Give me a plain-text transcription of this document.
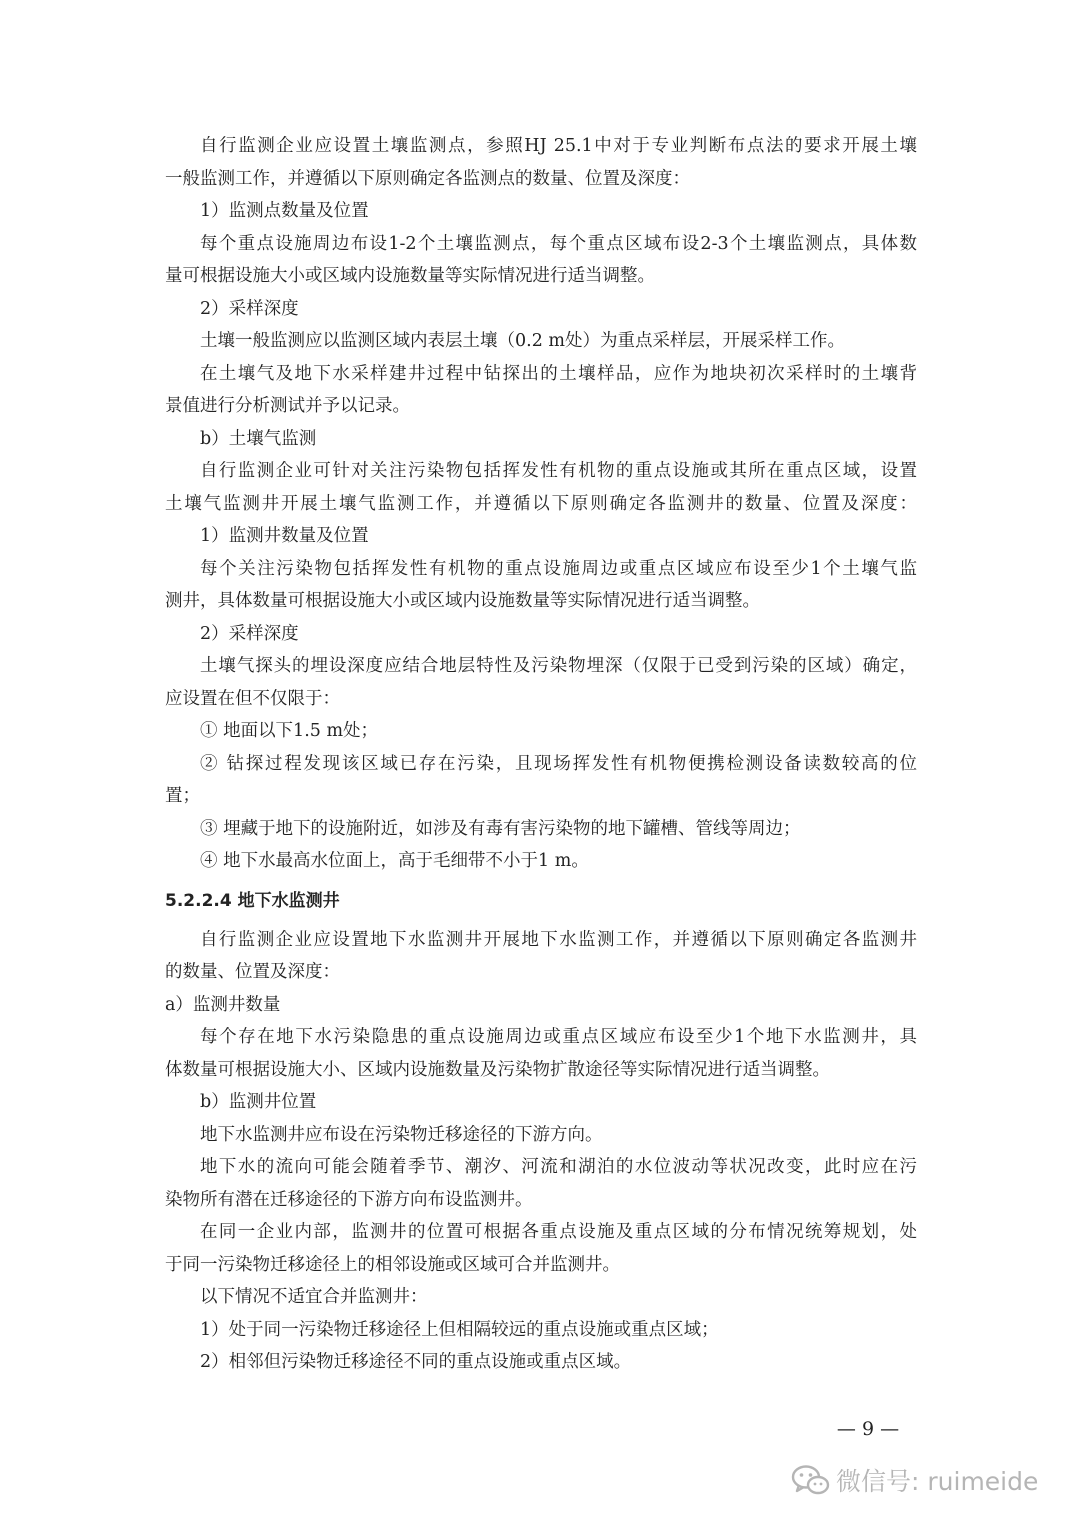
自行监测企业应设置土壤监测点，参照HJ 25.1中对于专业判断布点法的要求开展土壤
一般监测工作，并遵循以下原则确定各监测点的数量、位置及深度：
1）监测点数量及位置
每个重点设施周边布设1-2个土壤监测点，每个重点区域布设2-3个土壤监测点，具体数
量可根据设施大小或区域内设施数量等实际情况进行适当调整。
2）采样深度
土壤一般监测应以监测区域内表层土壤（0.2 m处）为重点采样层，开展采样工作。
在土壤气及地下水采样建井过程中钻探出的土壤样品，应作为地块初次采样时的土壤背
景值进行分析测试并予以记录。
b）土壤气监测
自行监测企业可针对关注污染物包括挥发性有机物的重点设施或其所在重点区域，设置
土壤气监测井开展土壤气监测工作，并遵循以下原则确定各监测井的数量、位置及深度：
1）监测井数量及位置
每个关注污染物包括挥发性有机物的重点设施周边或重点区域应布设至少1个土壤气监
测井，具体数量可根据设施大小或区域内设施数量等实际情况进行适当调整。
2）采样深度
土壤气探头的埋设深度应结合地层特性及污染物埋深（仅限于已受到污染的区域）确定，
应设置在但不仅限于：
① 地面以下1.5 m处；
② 钻探过程发现该区域已存在污染，且现场挥发性有机物便携检测设备读数较高的位
置；
③ 埋藏于地下的设施附近，如涉及有毒有害污染物的地下罐槽、管线等周边；
④ 地下水最高水位面上，高于毛细带不小于1 m。
5.2.2.4 地下水监测井
自行监测企业应设置地下水监测井开展地下水监测工作，并遵循以下原则确定各监测井
的数量、位置及深度：
a）监测井数量
每个存在地下水污染隐患的重点设施周边或重点区域应布设至少1个地下水监测井，具
体数量可根据设施大小、区域内设施数量及污染物扩散途径等实际情况进行适当调整。
b）监测井位置
地下水监测井应布设在污染物迁移途径的下游方向。
地下水的流向可能会随着季节、潮汐、河流和湖泊的水位波动等状况改变，此时应在污
染物所有潜在迁移途径的下游方向布设监测井。
在同一企业内部，监测井的位置可根据各重点设施及重点区域的分布情况统筹规划，处
于同一污染物迁移途径上的相邻设施或区域可合并监测井。
以下情况不适宜合并监测井：
1）处于同一污染物迁移途径上但相隔较远的重点设施或重点区域；
2）相邻但污染物迁移途径不同的重点设施或重点区域。
— 9 —
微信号: ruimeide
